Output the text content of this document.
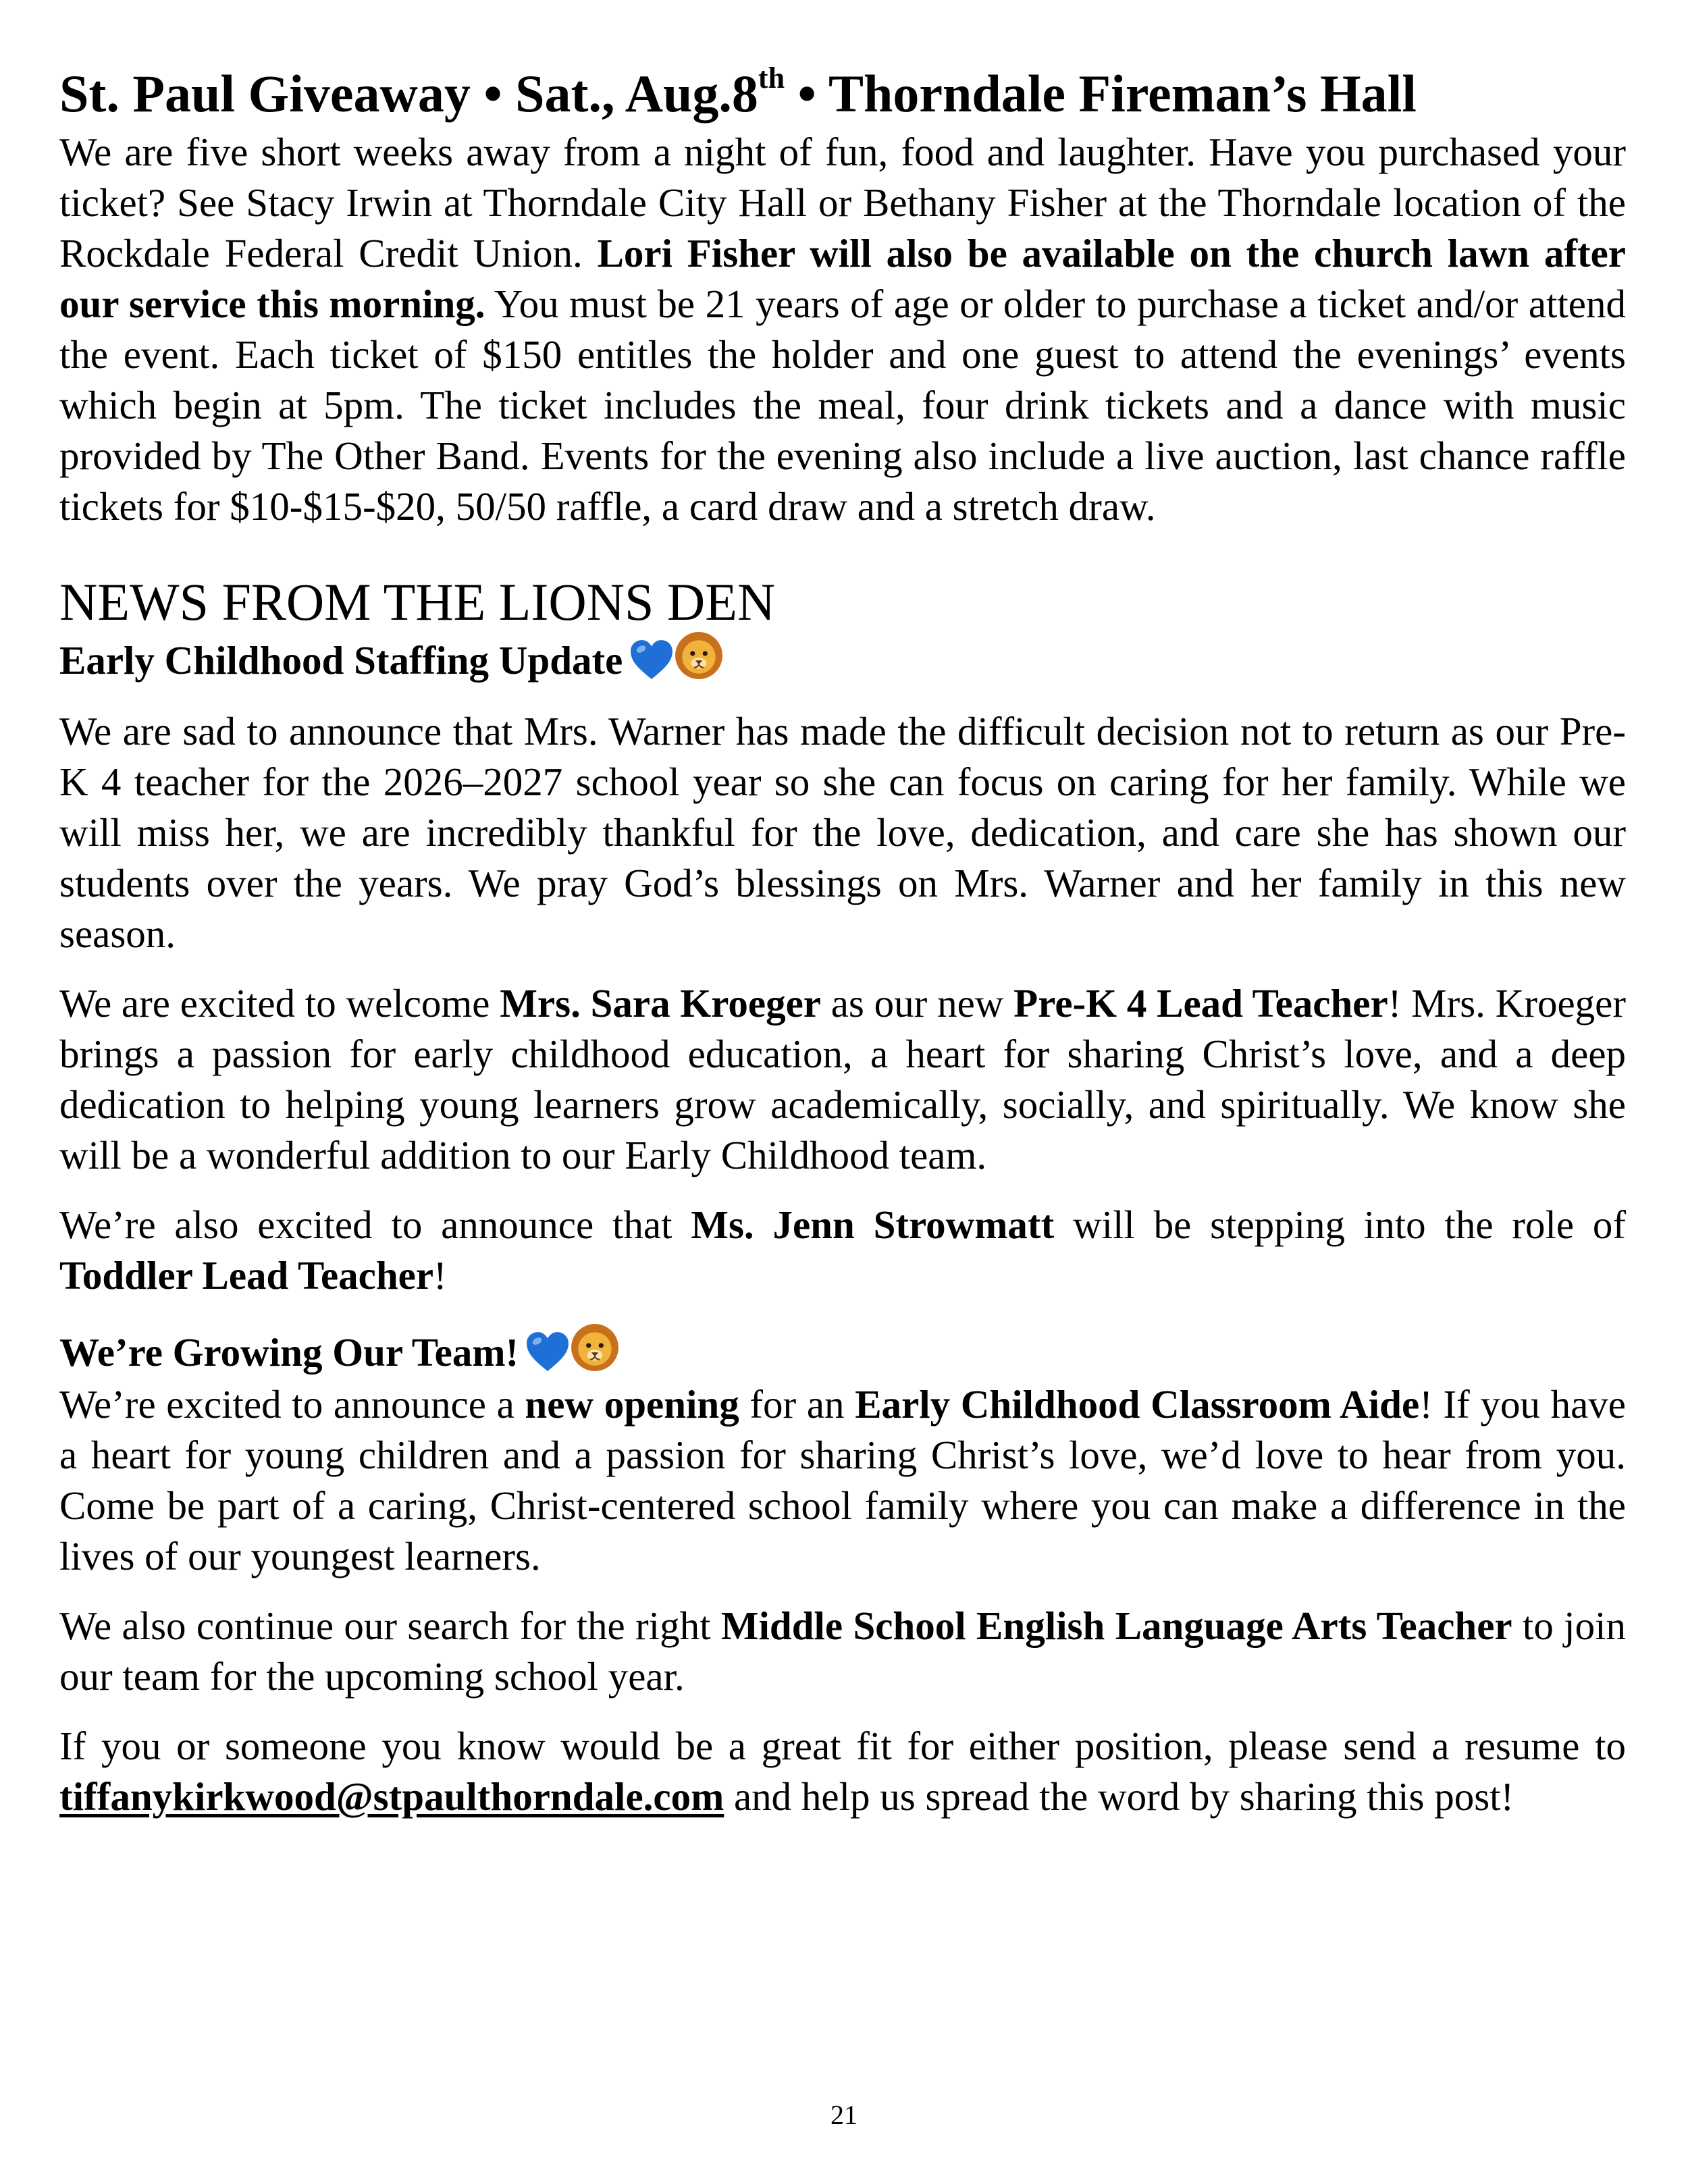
St. Paul Giveaway • Sat., Aug.8th • Thorndale Fireman’s Hall

We are five short weeks away from a night of fun, food and laughter. Have you purchased your ticket? See Stacy Irwin at Thorndale City Hall or Bethany Fisher at the Thorndale location of the Rockdale Federal Credit Union. Lori Fisher will also be available on the church lawn after our service this morning. You must be 21 years of age or older to purchase a ticket and/or attend the event. Each ticket of $150 entitles the holder and one guest to attend the evenings’ events which begin at 5pm. The ticket includes the meal, four drink tickets and a dance with music provided by The Other Band. Events for the evening also include a live auction, last chance raffle tickets for $10-$15-$20, 50/50 raffle, a card draw and a stretch draw.

NEWS FROM THE LIONS DEN
Early Childhood Staffing Update

We are sad to announce that Mrs. Warner has made the difficult decision not to return as our Pre-K 4 teacher for the 2026–2027 school year so she can focus on caring for her family. While we will miss her, we are incredibly thankful for the love, dedication, and care she has shown our students over the years. We pray God’s blessings on Mrs. Warner and her family in this new season.

We are excited to welcome Mrs. Sara Kroeger as our new Pre-K 4 Lead Teacher! Mrs. Kroeger brings a passion for early childhood education, a heart for sharing Christ’s love, and a deep dedication to helping young learners grow academically, socially, and spiritually. We know she will be a wonderful addition to our Early Childhood team.

We’re also excited to announce that Ms. Jenn Strowmatt will be stepping into the role of Toddler Lead Teacher!

We’re Growing Our Team!

We’re excited to announce a new opening for an Early Childhood Classroom Aide! If you have a heart for young children and a passion for sharing Christ’s love, we’d love to hear from you. Come be part of a caring, Christ-centered school family where you can make a difference in the lives of our youngest learners.

We also continue our search for the right Middle School English Language Arts Teacher to join our team for the upcoming school year.

If you or someone you know would be a great fit for either position, please send a resume to tiffanykirkwood@stpaulthorndale.com and help us spread the word by sharing this post!

21
